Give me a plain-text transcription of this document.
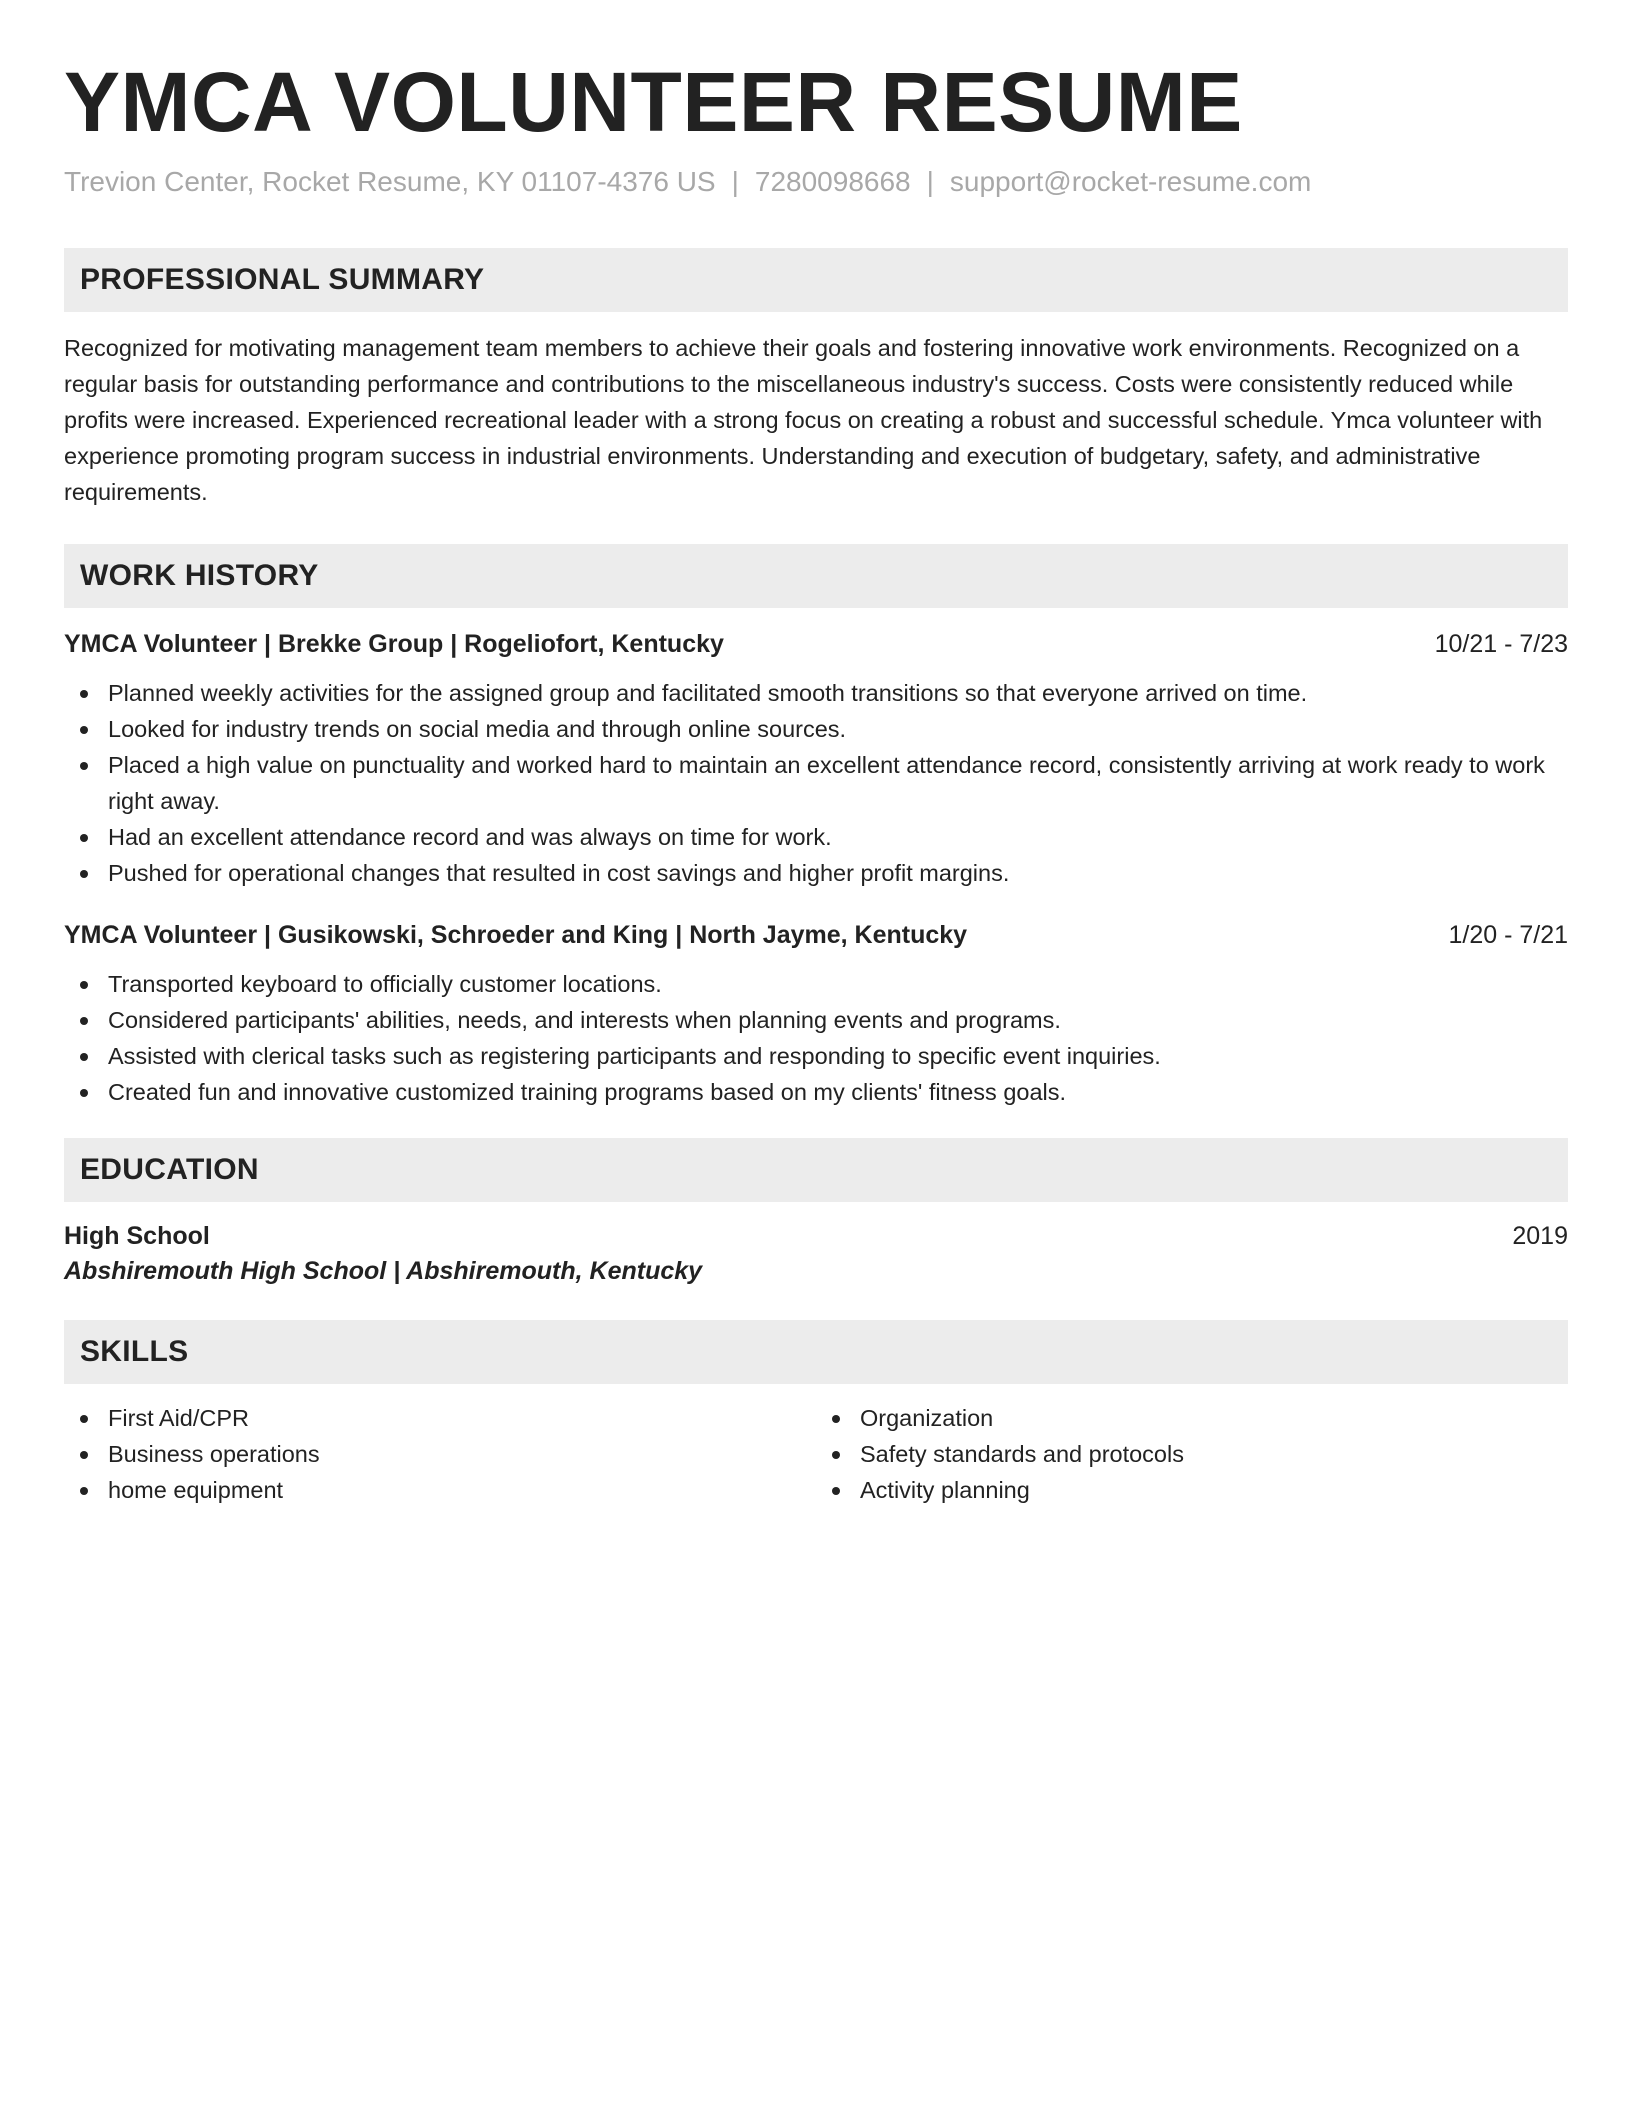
YMCA VOLUNTEER RESUME
Trevion Center, Rocket Resume, KY 01107-4376 US | 7280098668 | support@rocket-resume.com
PROFESSIONAL SUMMARY

Recognized for motivating management team members to achieve their goals and fostering innovative work environments. Recognized on a regular basis for outstanding performance and contributions to the miscellaneous industry's success. Costs were consistently reduced while profits were increased. Experienced recreational leader with a strong focus on creating a robust and successful schedule. Ymca volunteer with experience promoting program success in industrial environments. Understanding and execution of budgetary, safety, and administrative requirements.

WORK HISTORY
YMCA Volunteer | Brekke Group | Rogeliofort, Kentucky	10/21 - 7/23
Planned weekly activities for the assigned group and facilitated smooth transitions so that everyone arrived on time.
Looked for industry trends on social media and through online sources.
Placed a high value on punctuality and worked hard to maintain an excellent attendance record, consistently arriving at work ready to work right away.
Had an excellent attendance record and was always on time for work.
Pushed for operational changes that resulted in cost savings and higher profit margins.
YMCA Volunteer | Gusikowski, Schroeder and King | North Jayme, Kentucky	1/20 - 7/21
Transported keyboard to officially customer locations.
Considered participants' abilities, needs, and interests when planning events and programs.
Assisted with clerical tasks such as registering participants and responding to specific event inquiries.
Created fun and innovative customized training programs based on my clients' fitness goals.
EDUCATION
High School	2019
Abshiremouth High School | Abshiremouth, Kentucky
SKILLS
First Aid/CPR
Business operations
home equipment
Organization
Safety standards and protocols
Activity planning
